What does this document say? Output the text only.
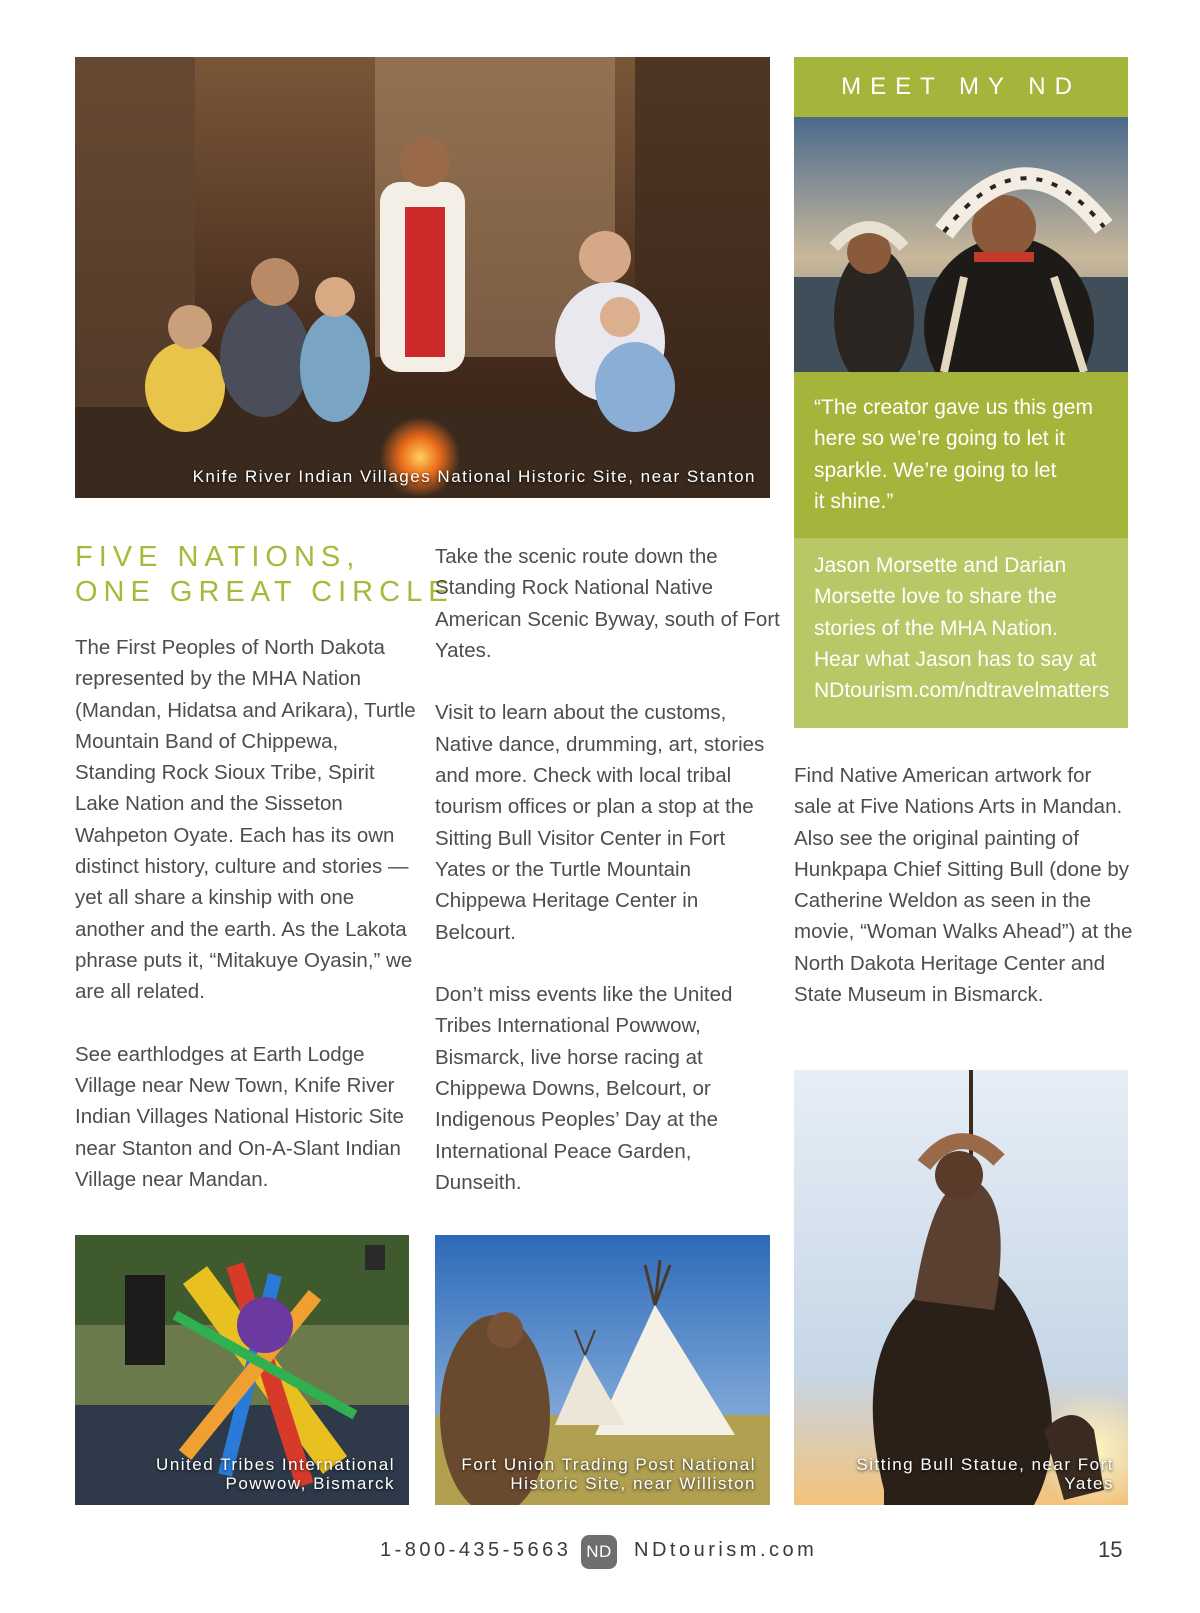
Knife River Indian Villages National Historic Site, near Stanton
MEET MY ND
“The creator gave us this gem
here so we’re going to let it
sparkle. We’re going to let
it shine.”
Jason Morsette and Darian
Morsette love to share the
stories of the MHA Nation.
Hear what Jason has to say at
NDtourism.com/ndtravelmatters
FIVE NATIONS,
ONE GREAT CIRCLE

The First Peoples of North Dakota represented by the MHA Nation (Mandan, Hidatsa and Arikara), Turtle Mountain Band of Chippewa, Standing Rock Sioux Tribe, Spirit Lake Nation and the Sisseton Wahpeton Oyate. Each has its own distinct history, culture and stories — yet all share a kinship with one another and the earth. As the Lakota phrase puts it, “Mitakuye Oyasin,” we are all related.

See earthlodges at Earth Lodge Village near New Town, Knife River Indian Villages National Historic Site near Stanton and On-A-Slant Indian Village near Mandan.

Take the scenic route down the Standing Rock National Native American Scenic Byway, south of Fort Yates.

Visit to learn about the customs, Native dance, drumming, art, stories and more. Check with local tribal tourism offices or plan a stop at the Sitting Bull Visitor Center in Fort Yates or the Turtle Mountain Chippewa Heritage Center in Belcourt.

Don’t miss events like the United Tribes International Powwow, Bismarck, live horse racing at Chippewa Downs, Belcourt, or Indigenous Peoples’ Day at the International Peace Garden, Dunseith.

Find Native American artwork for sale at Five Nations Arts in Mandan. Also see the original painting of Hunkpapa Chief Sitting Bull (done by Catherine Weldon as seen in the movie, “Woman Walks Ahead”) at the North Dakota Heritage Center and State Museum in Bismarck.

United Tribes International
Powwow, Bismarck
Fort Union Trading Post National
Historic Site, near Williston
Sitting Bull Statue, near Fort Yates
1-800-435-5663 ND NDtourism.com	15
